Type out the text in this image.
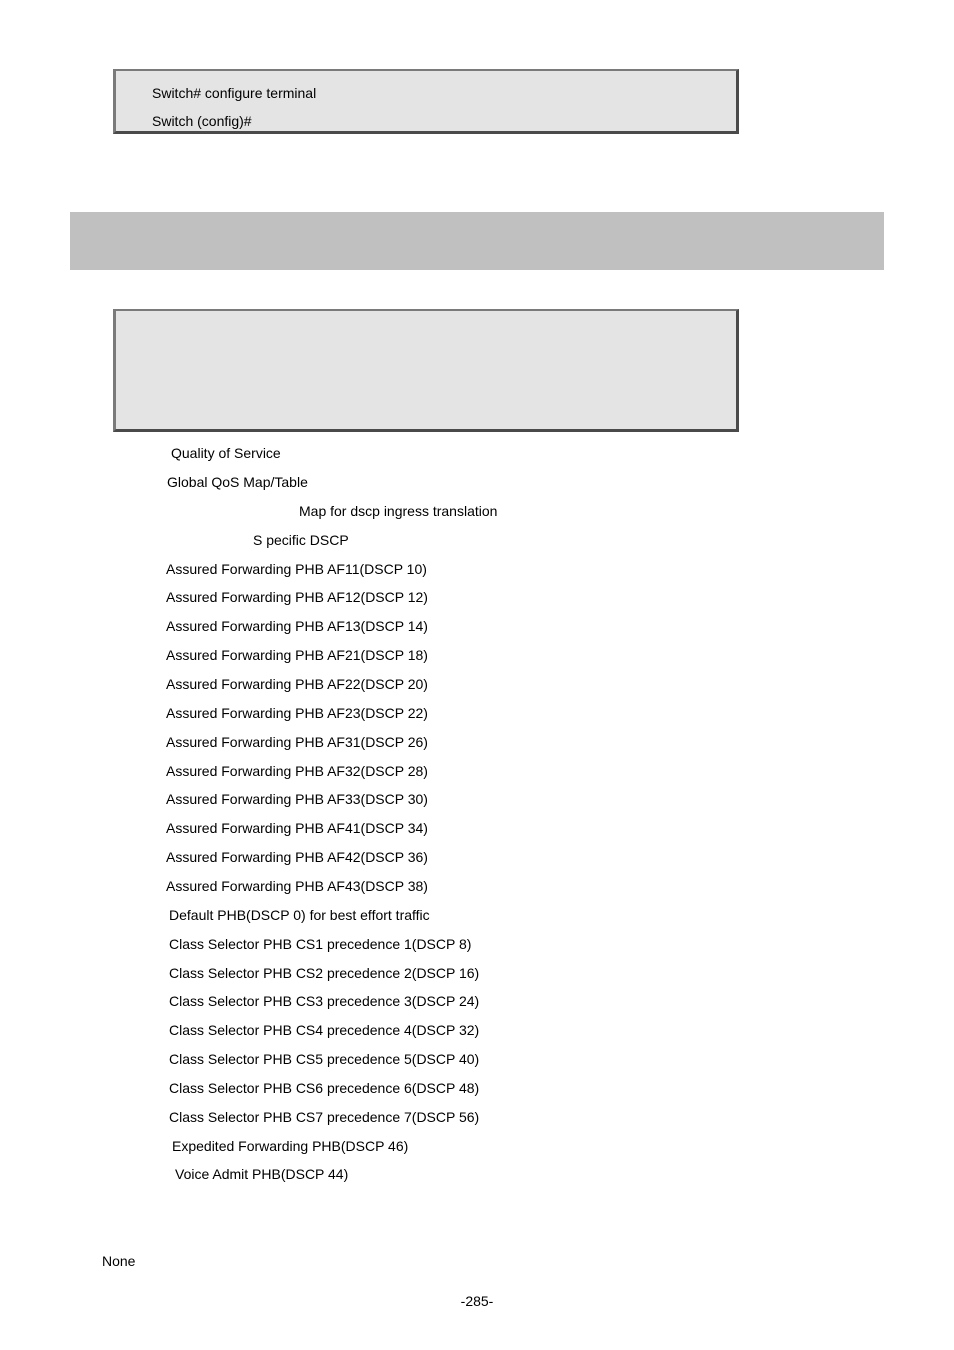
Switch# configure terminal
Switch (config)#
Quality of Service
Global QoS Map/Table
Map for dscp ingress translation
S pecific DSCP
Assured Forwarding PHB AF11(DSCP 10)
Assured Forwarding PHB AF12(DSCP 12)
Assured Forwarding PHB AF13(DSCP 14)
Assured Forwarding PHB AF21(DSCP 18)
Assured Forwarding PHB AF22(DSCP 20)
Assured Forwarding PHB AF23(DSCP 22)
Assured Forwarding PHB AF31(DSCP 26)
Assured Forwarding PHB AF32(DSCP 28)
Assured Forwarding PHB AF33(DSCP 30)
Assured Forwarding PHB AF41(DSCP 34)
Assured Forwarding PHB AF42(DSCP 36)
Assured Forwarding PHB AF43(DSCP 38)
Default PHB(DSCP 0) for best effort traffic
Class Selector PHB CS1 precedence 1(DSCP 8)
Class Selector PHB CS2 precedence 2(DSCP 16)
Class Selector PHB CS3 precedence 3(DSCP 24)
Class Selector PHB CS4 precedence 4(DSCP 32)
Class Selector PHB CS5 precedence 5(DSCP 40)
Class Selector PHB CS6 precedence 6(DSCP 48)
Class Selector PHB CS7 precedence 7(DSCP 56)
Expedited Forwarding PHB(DSCP 46)
Voice Admit PHB(DSCP 44)
None
-285-
